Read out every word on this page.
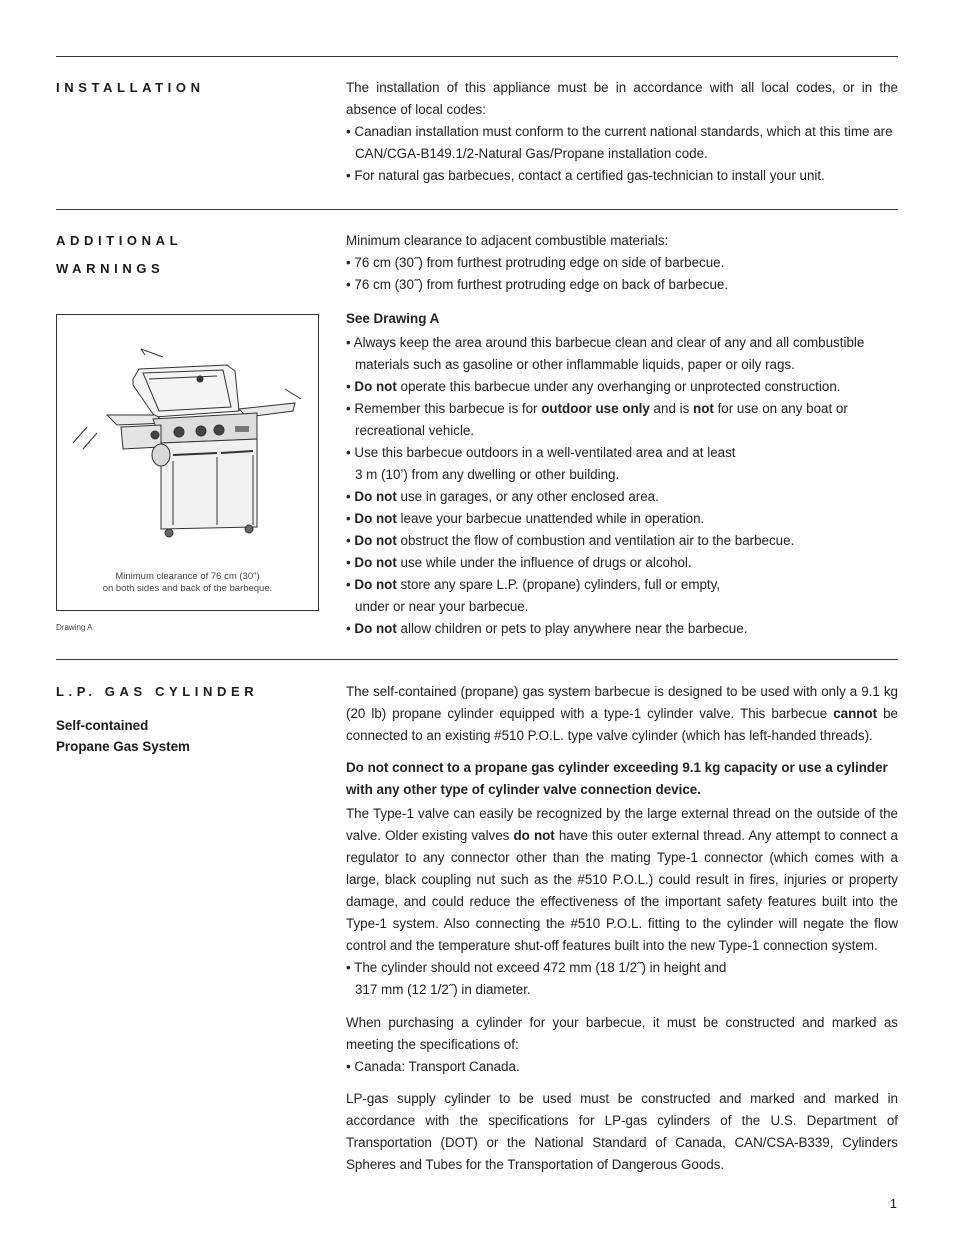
INSTALLATION	The installation of this appliance must be in accordance with all local codes, or in the absence of local codes:

• Canadian installation must conform to the current national standards, which at this time are CAN/CGA-B149.1/2-Natural Gas/Propane installation code.

• For natural gas barbecues, contact a certified gas-technician to install your unit.

ADDITIONAL
WARNINGS

Minimum clearance to adjacent combustible materials:

• 76 cm (30˝) from furthest protruding edge on side of barbecue.

• 76 cm (30˝) from furthest protruding edge on back of barbecue.

See Drawing A

• Always keep the area around this barbecue clean and clear of any and all combustible materials such as gasoline or other inflammable liquids, paper or oily rags.

• Do not operate this barbecue under any overhanging or unprotected construction.

• Remember this barbecue is for outdoor use only and is not for use on any boat or recreational vehicle.

• Use this barbecue outdoors in a well-ventilated area and at least

3 m (10’) from any dwelling or other building.

• Do not use in garages, or any other enclosed area.

• Do not leave your barbecue unattended while in operation.

• Do not obstruct the flow of combustion and ventilation air to the barbecue.

• Do not use while under the influence of drugs or alcohol.

• Do not store any spare L.P. (propane) cylinders, full or empty,

under or near your barbecue.

• Do not allow children or pets to play anywhere near the barbecue.

Minimum clearance of 76 cm (30")
on both sides and back of the barbeque.
Drawing A
L.P. GAS CYLINDER
Self-contained
Propane Gas System

The self-contained (propane) gas system barbecue is designed to be used with only a 9.1 kg (20 lb) propane cylinder equipped with a type-1 cylinder valve. This barbecue cannot be connected to an existing #510 P.O.L. type valve cylinder (which has left-handed threads).

Do not connect to a propane gas cylinder exceeding 9.1 kg capacity or use a cylinder with any other type of cylinder valve connection device.

The Type-1 valve can easily be recognized by the large external thread on the outside of the valve. Older existing valves do not have this outer external thread. Any attempt to connect a regulator to any connector other than the mating Type-1 connector (which comes with a large, black coupling nut such as the #510 P.O.L.) could result in fires, injuries or property damage, and could reduce the effectiveness of the important safety features built into the Type-1 system. Also connecting the #510 P.O.L. fitting to the cylinder will negate the flow control and the temperature shut-off features built into the new Type-1 connection system.

• The cylinder should not exceed 472 mm (18 1/2˝) in height and

317 mm (12 1/2˝) in diameter.

When purchasing a cylinder for your barbecue, it must be constructed and marked as meeting the specifications of:

• Canada: Transport Canada.

LP-gas supply cylinder to be used must be constructed and marked and marked in accordance with the specifications for LP-gas cylinders of the U.S. Department of Transportation (DOT) or the National Standard of Canada, CAN/CSA-B339, Cylinders Spheres and Tubes for the Transportation of Dangerous Goods.

1
